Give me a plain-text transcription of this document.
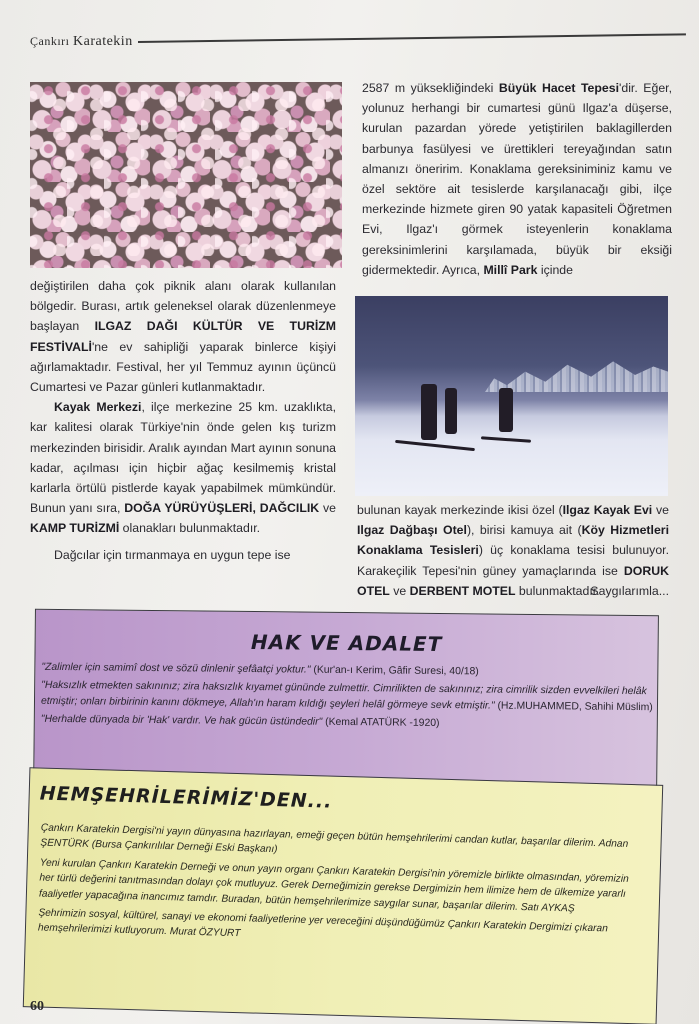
Çankırı Karatekin

değiştirilen daha çok piknik alanı olarak kullanılan bölgedir. Burası, artık geleneksel olarak düzenlenmeye başlayan ILGAZ DAĞI KÜLTÜR VE TURİZM FESTİVALİ'ne ev sahipliği yaparak binlerce kişiyi ağırlamaktadır. Festival, her yıl Temmuz ayının üçüncü Cumartesi ve Pazar günleri kutlanmaktadır.

Kayak Merkezi, ilçe merkezine 25 km. uzaklıkta, kar kalitesi olarak Türkiye'nin önde gelen kış turizm merkezinden birisidir. Aralık ayından Mart ayının sonuna kadar, açılması için hiçbir ağaç kesilmemiş kristal karlarla örtülü pistlerde kayak yapabilmek mümkündür. Bunun yanı sıra, DOĞA YÜRÜYÜŞLERİ, DAĞCILIK ve KAMP TURİZMİ olanakları bulunmaktadır.

Dağcılar için tırmanmaya en uygun tepe ise

2587 m yüksekliğindeki Büyük Hacet Tepesi'dir. Eğer, yolunuz herhangi bir cumartesi günü Ilgaz'a düşerse, kurulan pazardan yörede yetiştirilen baklagillerden barbunya fasülyesi ve ürettikleri tereyağından satın almanızı öneririm. Konaklama gereksiniminiz kamu ve özel sektöre ait tesislerde karşılanacağı gibi, ilçe merkezinde hizmete giren 90 yatak kapasiteli Öğretmen Evi, Ilgaz'ı görmek isteyenlerin konaklama gereksinimlerini karşılamada, büyük bir eksiği gidermektedir. Ayrıca, Millî Park içinde

bulunan kayak merkezinde ikisi özel (Ilgaz Kayak Evi ve Ilgaz Dağbaşı Otel), birisi kamuya ait (Köy Hizmetleri Konaklama Tesisleri) üç konaklama tesisi bulunuyor. Karakeçilik Tepesi'nin güney yamaçlarında ise DORUK OTEL ve DERBENT MOTEL bulunmaktadır.

Saygılarımla...

HAK VE ADALET

"Zalimler için samimî dost ve sözü dinlenir şefâatçi yoktur." (Kur'an-ı Kerim, Gâfir Suresi, 40/18)

"Haksızlık etmekten sakınınız; zira haksızlık kıyamet gününde zulmettir. Cimrilikten de sakınınız; zira cimrilik sizden evvelkileri helâk etmiştir; onları birbirinin kanını dökmeye, Allah'ın haram kıldığı şeyleri helâl görmeye sevk etmiştir." (Hz.MUHAMMED, Sahihi Müslim)

"Herhalde dünyada bir 'Hak' vardır. Ve hak gücün üstündedir" (Kemal ATATÜRK -1920)

HEMŞEHRİLERİMİZ'DEN...

Çankırı Karatekin Dergisi'ni yayın dünyasına hazırlayan, emeği geçen bütün hemşehrilerimi candan kutlar, başarılar dilerim. Adnan ŞENTÜRK (Bursa Çankırılılar Derneği Eski Başkanı)

Yeni kurulan Çankırı Karatekin Derneği ve onun yayın organı Çankırı Karatekin Dergisi'nin yöremizle birlikte olmasından, yöremizin her türlü değerini tanıtmasından dolayı çok mutluyuz. Gerek Derneğimizin gerekse Dergimizin hem ilimize hem de ülkemize yararlı faaliyetler yapacağına inancımız tamdır. Buradan, bütün hemşehrilerimize saygılar sunar, başarılar dilerim. Satı AYKAŞ

Şehrimizin sosyal, kültürel, sanayi ve ekonomi faaliyetlerine yer vereceğini düşündüğümüz Çankırı Karatekin Dergimizi çıkaran hemşehrilerimizi kutluyorum. Murat ÖZYURT

60
